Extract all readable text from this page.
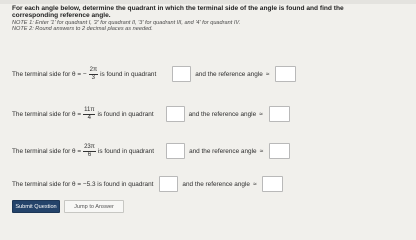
For each angle below, determine the quadrant in which the terminal side of the angle is found and find the
corresponding reference angle.
NOTE 1: Enter '1' for quadrant I, '2' for quadrant II, '3' for quadrant III, and '4' for quadrant IV.
NOTE 2: Round answers to 2 decimal places as needed.
The terminal side for
θ =
− $\frac{2\pi}{3}$ is found in quadrant	and the reference angle ≈
The terminal side for
$\theta = \frac{11\pi}{4}$ is found in quadrant	and the reference angle ≈
The terminal side for
$\theta = \frac{23\pi}{6}$ is found in quadrant	and the reference angle ≈
The terminal side for
θ =
− 5.3
is found in quadrant	and the reference angle ≈
Submit Question	Jump to Answer
